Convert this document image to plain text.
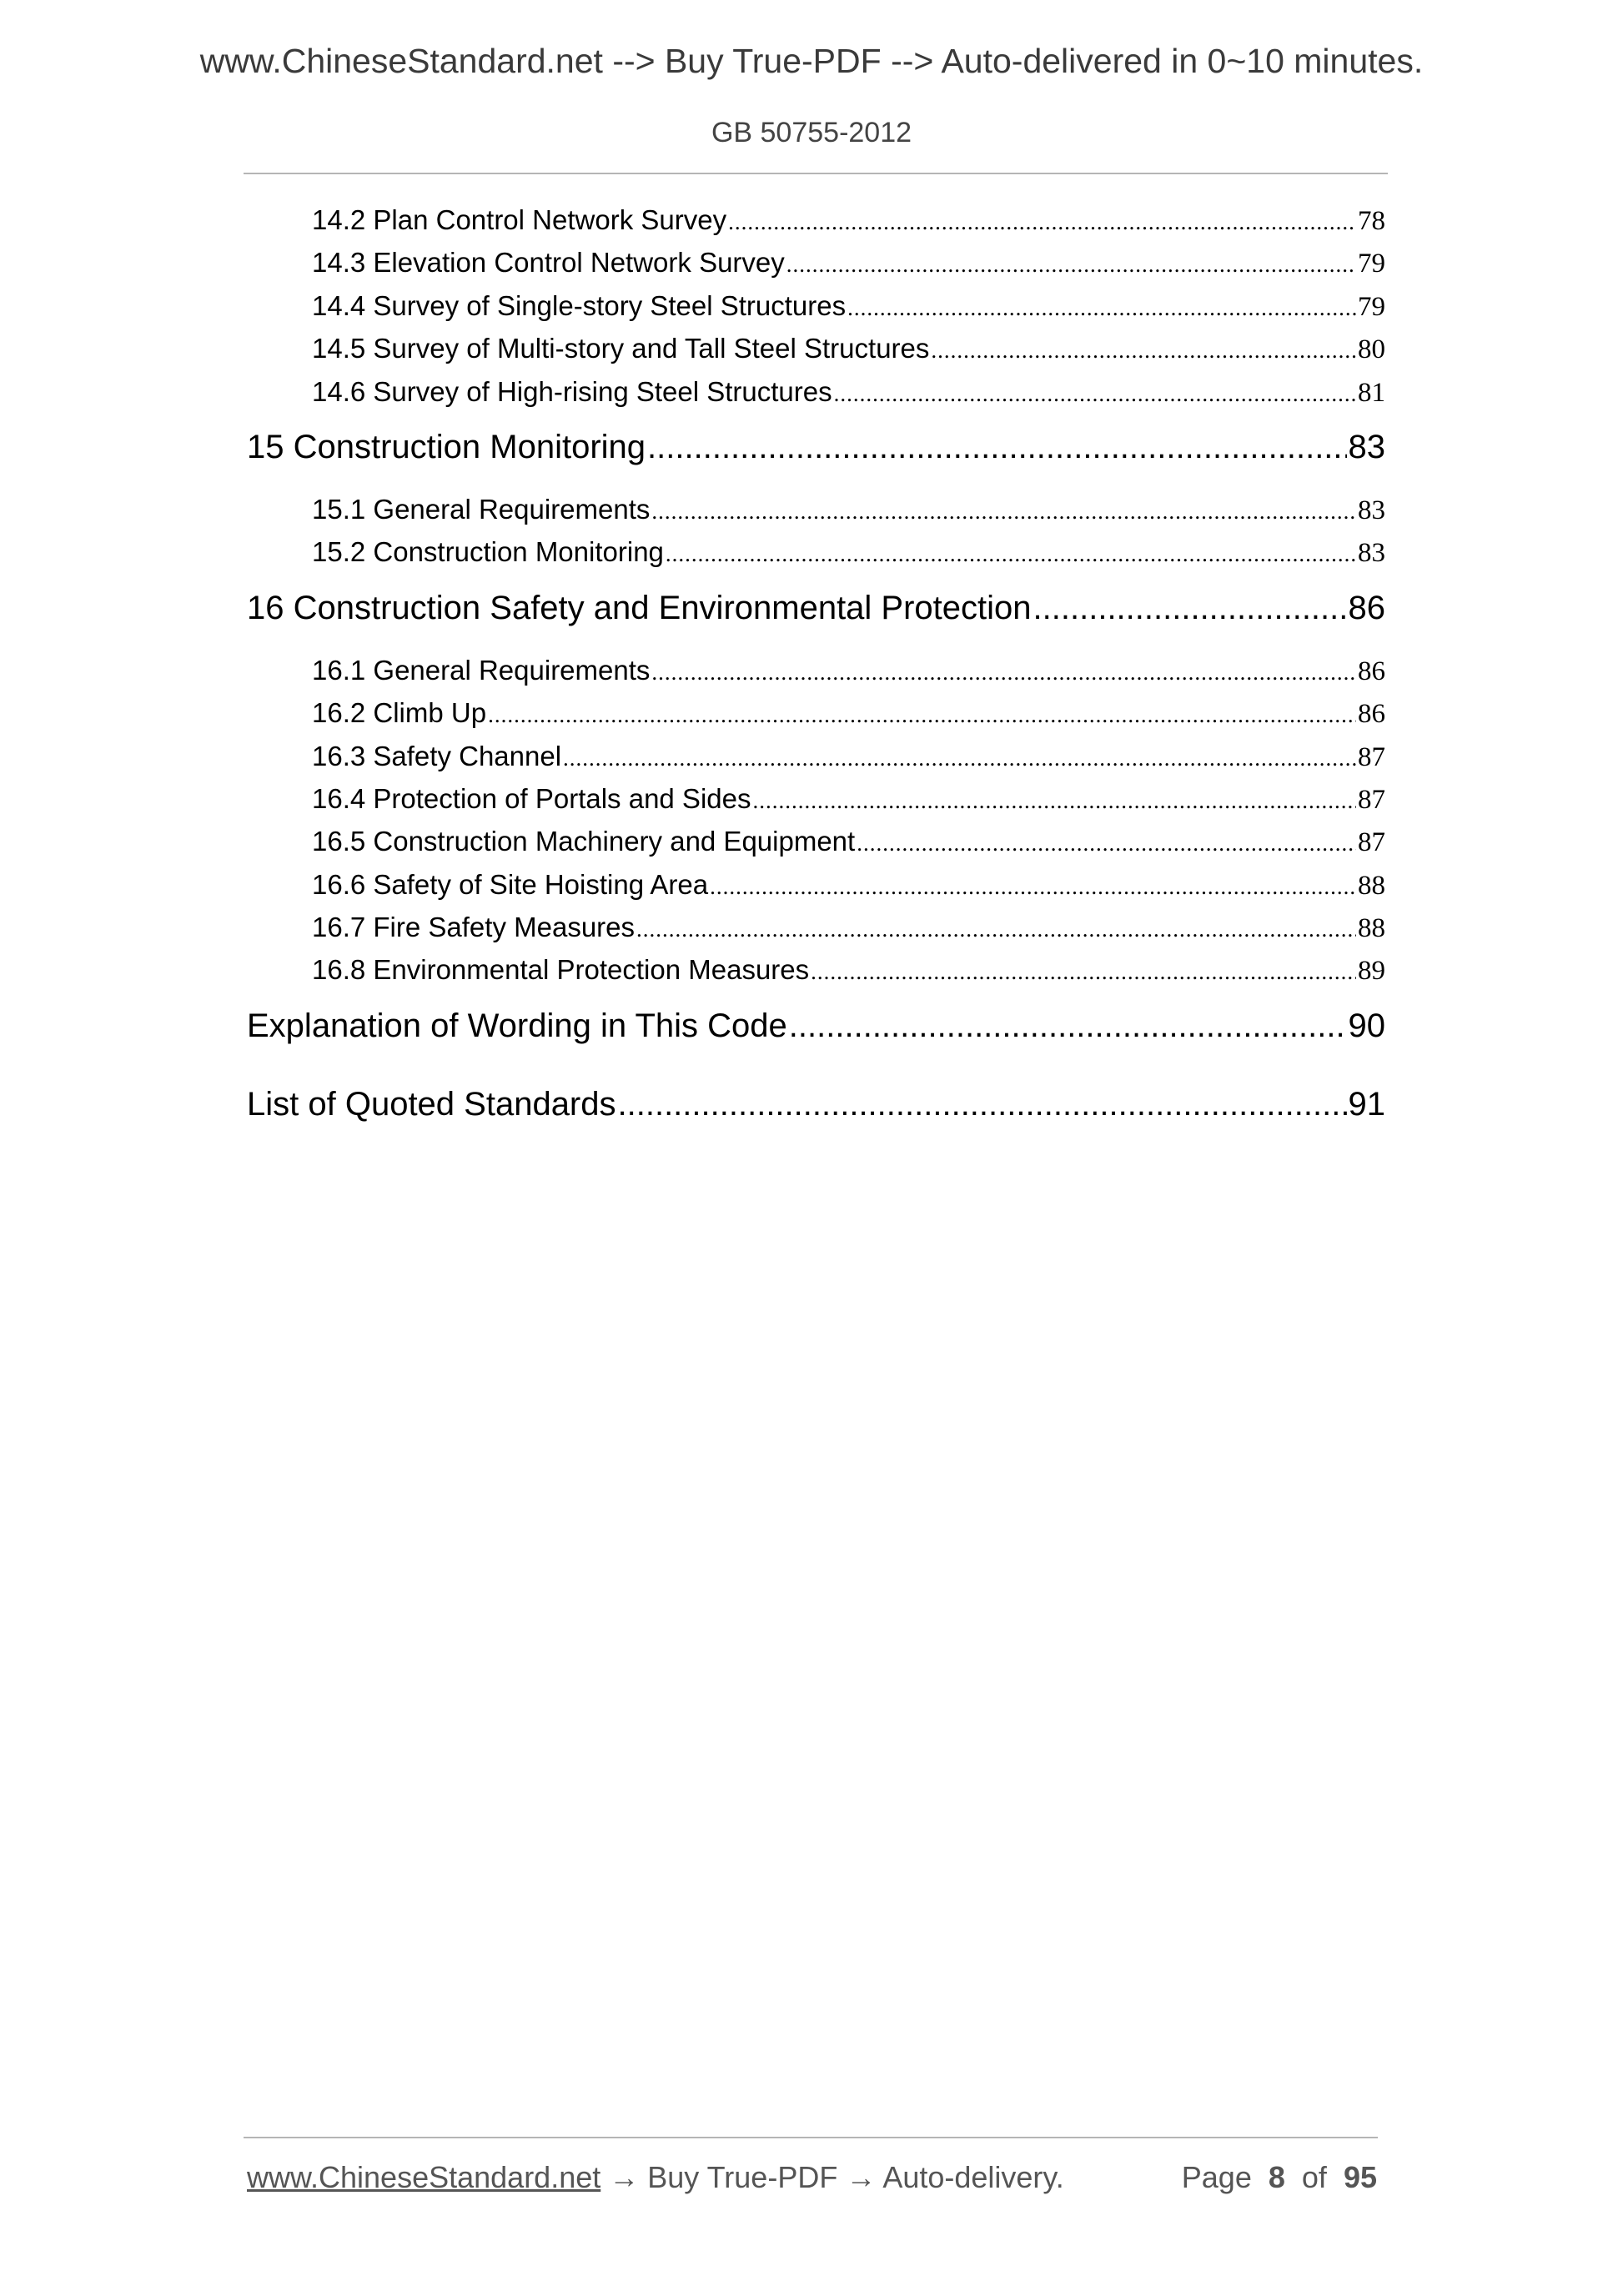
www.ChineseStandard.net --> Buy True-PDF --> Auto-delivered in 0~10 minutes.
GB 50755-2012
14.2 Plan Control Network Survey .....	78
14.3 Elevation Control Network Survey .....	79
14.4 Survey of Single-story Steel Structures .....	79
14.5 Survey of Multi-story and Tall Steel Structures .....	80
14.6 Survey of High-rising Steel Structures .....	81
15 Construction Monitoring .....	83
15.1 General Requirements .....	83
15.2 Construction Monitoring .....	83
16 Construction Safety and Environmental Protection .....	86
16.1 General Requirements .....	86
16.2 Climb Up .....	86
16.3 Safety Channel .....	87
16.4 Protection of Portals and Sides .....	87
16.5 Construction Machinery and Equipment .....	87
16.6 Safety of Site Hoisting Area .....	88
16.7 Fire Safety Measures .....	88
16.8 Environmental Protection Measures .....	89
Explanation of Wording in This Code .....	90
List of Quoted Standards .....	91
www.ChineseStandard.net → Buy True-PDF → Auto-delivery.	Page 8 of 95
